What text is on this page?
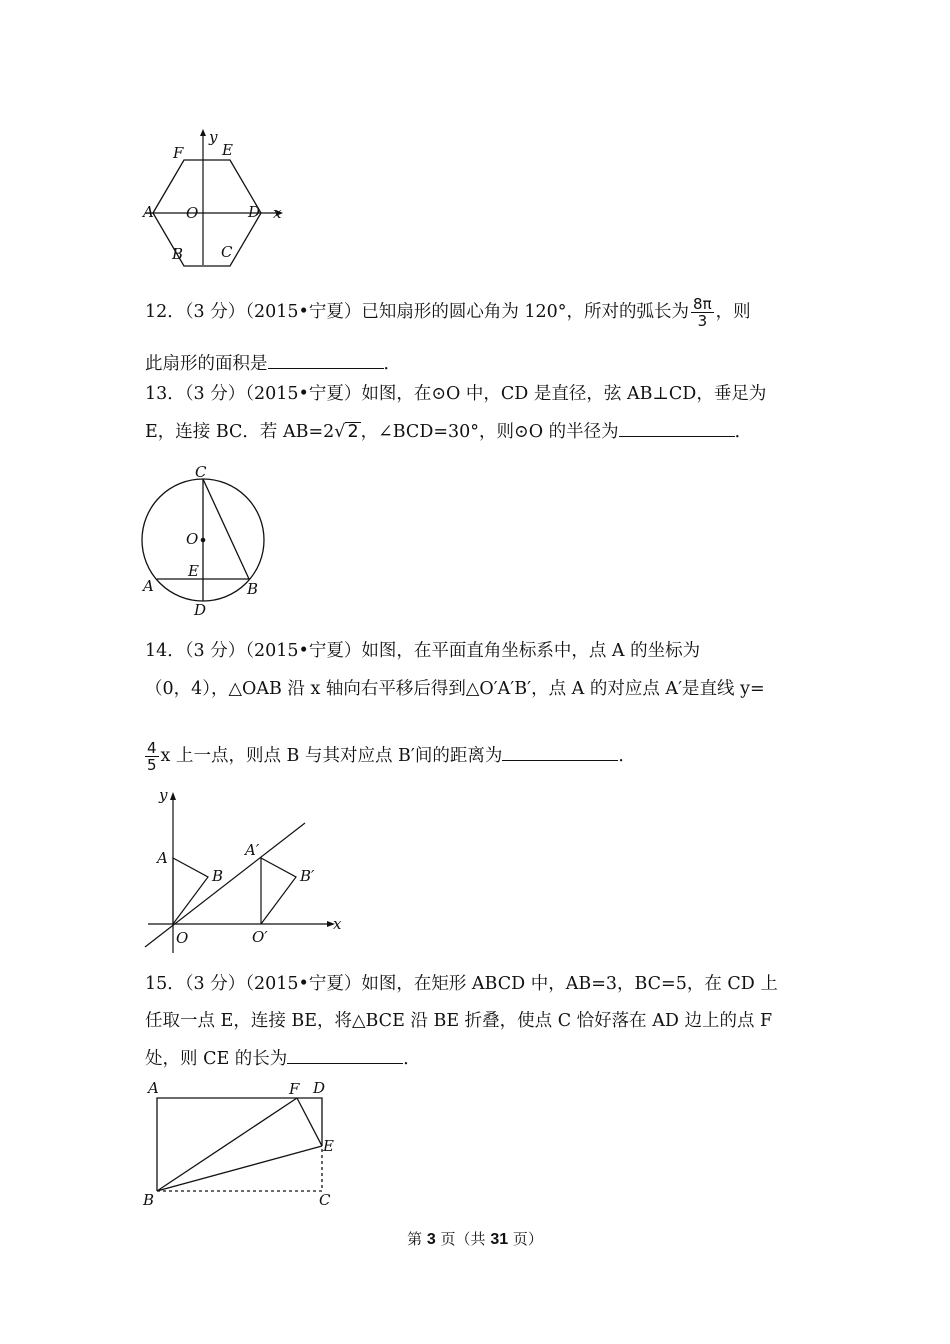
y
F	E
A O	D x
B	C
12．（3 分）（2015•宁夏）已知扇形的圆心角为 120°，所对的弧长为 $\frac{8\pi}{3}$ ，则
此扇形的面积是	．
13．（3 分）（2015•宁夏）如图，在⊙O 中，CD 是直径，弦 AB⊥CD，垂足为
E，连接 BC．若 AB=2√ 2 ，∠BCD=30°，则⊙O 的半径为	．
C
O
E
A	B
D
14．（3 分）（2015•宁夏）如图，在平面直角坐标系中，点 A 的坐标为
（0，4），△OAB 沿 x 轴向右平移后得到△O′A′B′，点 A 的对应点 A′是直线 y=
$\frac{4}{5}$ x 上一点，则点 B 与其对应点 B′间的距离为	．
y
A
B
A′
B′
O	O′
x
15．（3 分）（2015•宁夏）如图，在矩形 ABCD 中，AB=3，BC=5，在 CD 上
任取一点 E，连接 BE，将△BCE 沿 BE 折叠，使点 C 恰好落在 AD 边上的点 F
处，则 CE 的长为	．
A	F D
E
B	C
第 3 页（共 31 页）
